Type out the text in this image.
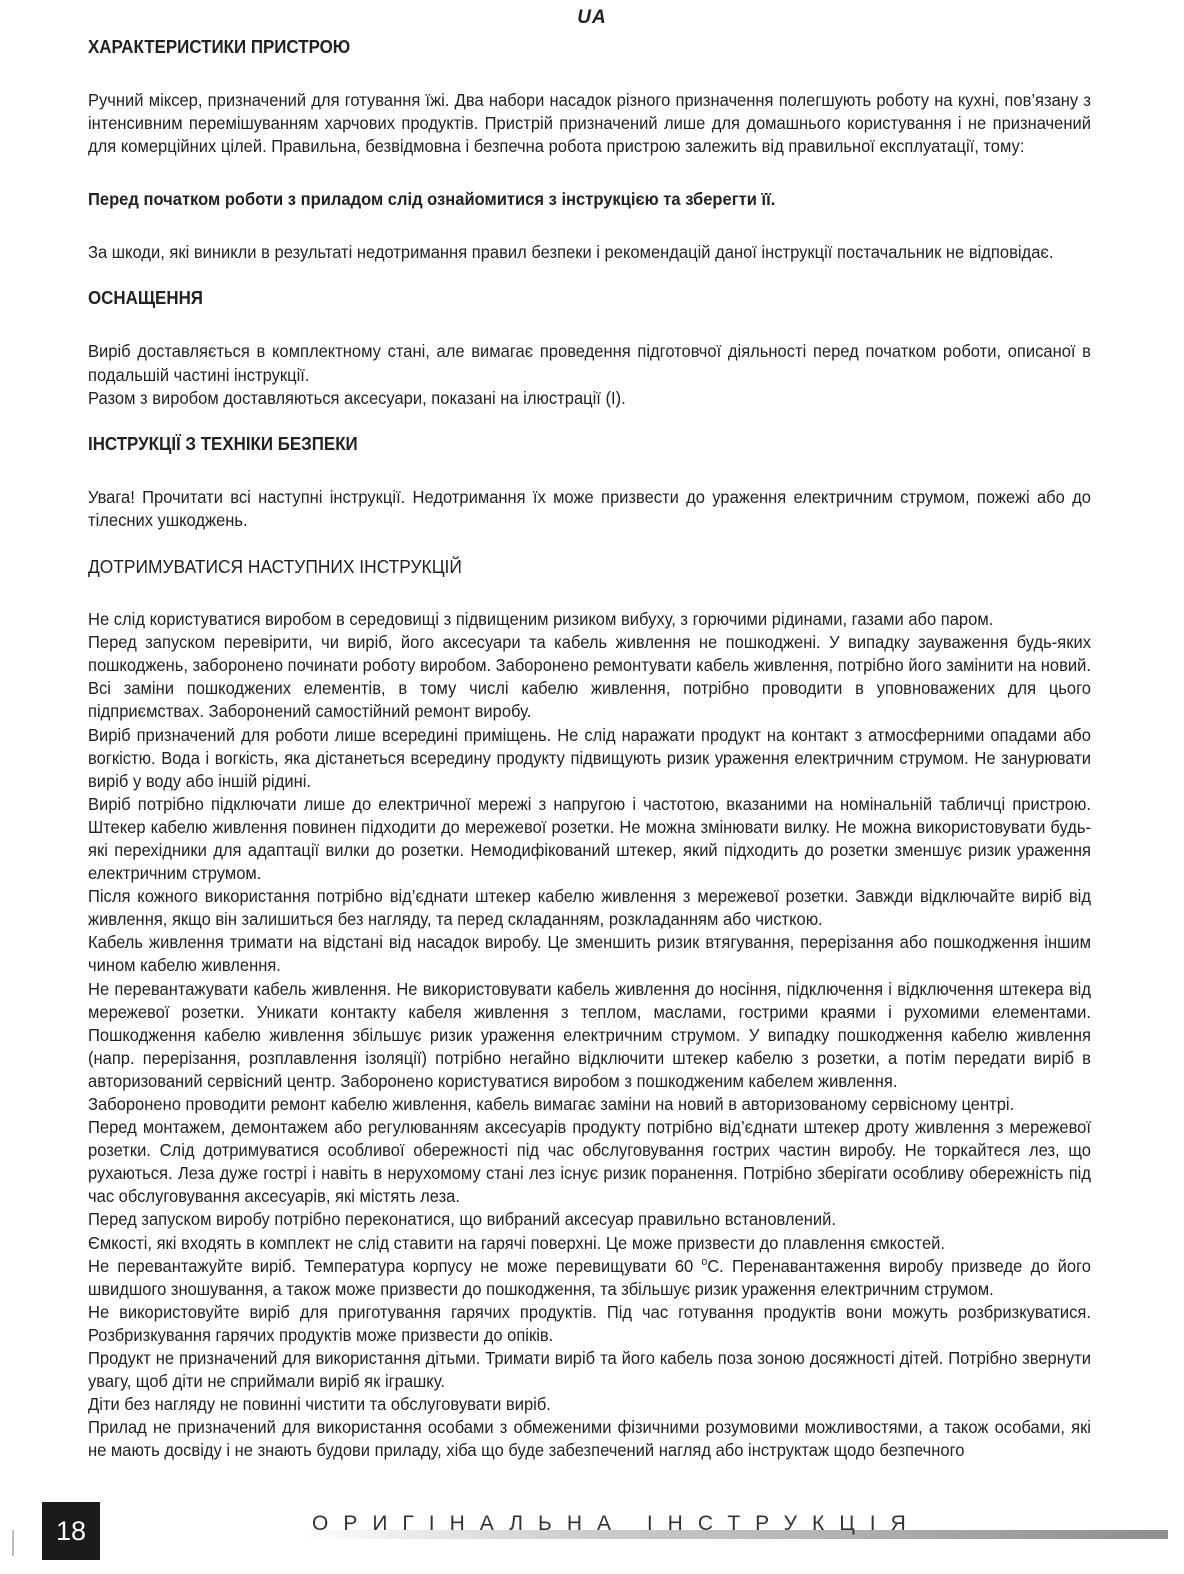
UA
ХАРАКТЕРИСТИКИ ПРИСТРОЮ

Ручний міксер, призначений для готування їжі. Два набори насадок різного призначення полегшують роботу на кухні, пов’язану з інтенсивним перемішуванням харчових продуктів. Пристрій призначений лише для домашнього користування і не призначений для комерційних цілей. Правильна, безвідмовна і безпечна робота пристрою залежить від правильної експлуатації, тому:

Перед початком роботи з приладом слід ознайомитися з інструкцією та зберегти її.

За шкоди, які виникли в результаті недотримання правил безпеки і рекомендацій даної інструкції постачальник не відповідає.

ОСНАЩЕННЯ

Виріб доставляється в комплектному стані, але вимагає проведення підготовчої діяльності перед початком роботи, описаної в подальшій частині інструкції.

Разом з виробом доставляються аксесуари, показані на ілюстрації (I).

ІНСТРУКЦІЇ З ТЕХНІКИ БЕЗПЕКИ

Увага! Прочитати всі наступні інструкції. Недотримання їх може призвести до ураження електричним струмом, пожежі або до тілесних ушкоджень.

ДОТРИМУВАТИСЯ НАСТУПНИХ ІНСТРУКЦІЙ

Не слід користуватися виробом в середовищі з підвищеним ризиком вибуху, з горючими рідинами, газами або паром.

Перед запуском перевірити, чи виріб, його аксесуари та кабель живлення не пошкоджені. У випадку зауваження будь-яких пошкоджень, заборонено починати роботу виробом. Заборонено ремонтувати кабель живлення, потрібно його замінити на новий. Всі заміни пошкоджених елементів, в тому числі кабелю живлення, потрібно проводити в уповноважених для цього підприємствах. Заборонений самостійний ремонт виробу.

Виріб призначений для роботи лише всередині приміщень. Не слід наражати продукт на контакт з атмосферними опадами або вогкістю. Вода і вогкість, яка дістанеться всередину продукту підвищують ризик ураження електричним струмом. Не занурювати виріб у воду або іншій рідині.

Виріб потрібно підключати лише до електричної мережі з напругою і частотою, вказаними на номінальній табличці пристрою. Штекер кабелю живлення повинен підходити до мережевої розетки. Не можна змінювати вилку. Не можна використовувати будь-які перехідники для адаптації вилки до розетки. Немодифікований штекер, який підходить до розетки зменшує ризик ураження електричним струмом.

Після кожного використання потрібно від’єднати штекер кабелю живлення з мережевої розетки. Завжди відключайте виріб від живлення, якщо він залишиться без нагляду, та перед складанням, розкладанням або чисткою.

Кабель живлення тримати на відстані від насадок виробу. Це зменшить ризик втягування, перерізання або пошкодження іншим чином кабелю живлення.

Не перевантажувати кабель живлення. Не використовувати кабель живлення до носіння, підключення і відключення штекера від мережевої розетки. Уникати контакту кабеля живлення з теплом, маслами, гострими краями і рухомими елементами. Пошкодження кабелю живлення збільшує ризик ураження електричним струмом. У випадку пошкодження кабелю живлення (напр. перерізання, розплавлення ізоляції) потрібно негайно відключити штекер кабелю з розетки, а потім передати виріб в авторизований сервісний центр. Заборонено користуватися виробом з пошкодженим кабелем живлення.

Заборонено проводити ремонт кабелю живлення, кабель вимагає заміни на новий в авторизованому сервісному центрі.

Перед монтажем, демонтажем або регулюванням аксесуарів продукту потрібно від’єднати штекер дроту живлення з мережевої розетки. Слід дотримуватися особливої обережності під час обслуговування гострих частин виробу. Не торкайтеся лез, що рухаються. Леза дуже гострі і навіть в нерухомому стані лез існує ризик поранення. Потрібно зберігати особливу обережність під час обслуговування аксесуарів, які містять леза.

Перед запуском виробу потрібно переконатися, що вибраний аксесуар правильно встановлений.

Ємкості, які входять в комплект не слід ставити на гарячі поверхні. Це може призвести до плавлення ємкостей.

Не перевантажуйте виріб. Температура корпусу не може перевищувати 60 $^o$C. Перенавантаження виробу призведе до його швидшого зношування, а також може призвести до пошкодження, та збільшує ризик ураження електричним струмом.

Не використовуйте виріб для приготування гарячих продуктів. Під час готування продуктів вони можуть розбризкуватися. Розбризкування гарячих продуктів може призвести до опіків.

Продукт не призначений для використання дітьми. Тримати виріб та його кабель поза зоною досяжності дітей. Потрібно звернути увагу, щоб діти не сприймали виріб як іграшку.

Діти без нагляду не повинні чистити та обслуговувати виріб.

Прилад не призначений для використання особами з обмеженими фізичними розумовими можливостями, а також особами, які не мають досвіду і не знають будови приладу, хіба що буде забезпечений нагляд або інструктаж щодо безпечного

18	ОРИГІНАЛЬНА ІНСТРУКЦІЯ
